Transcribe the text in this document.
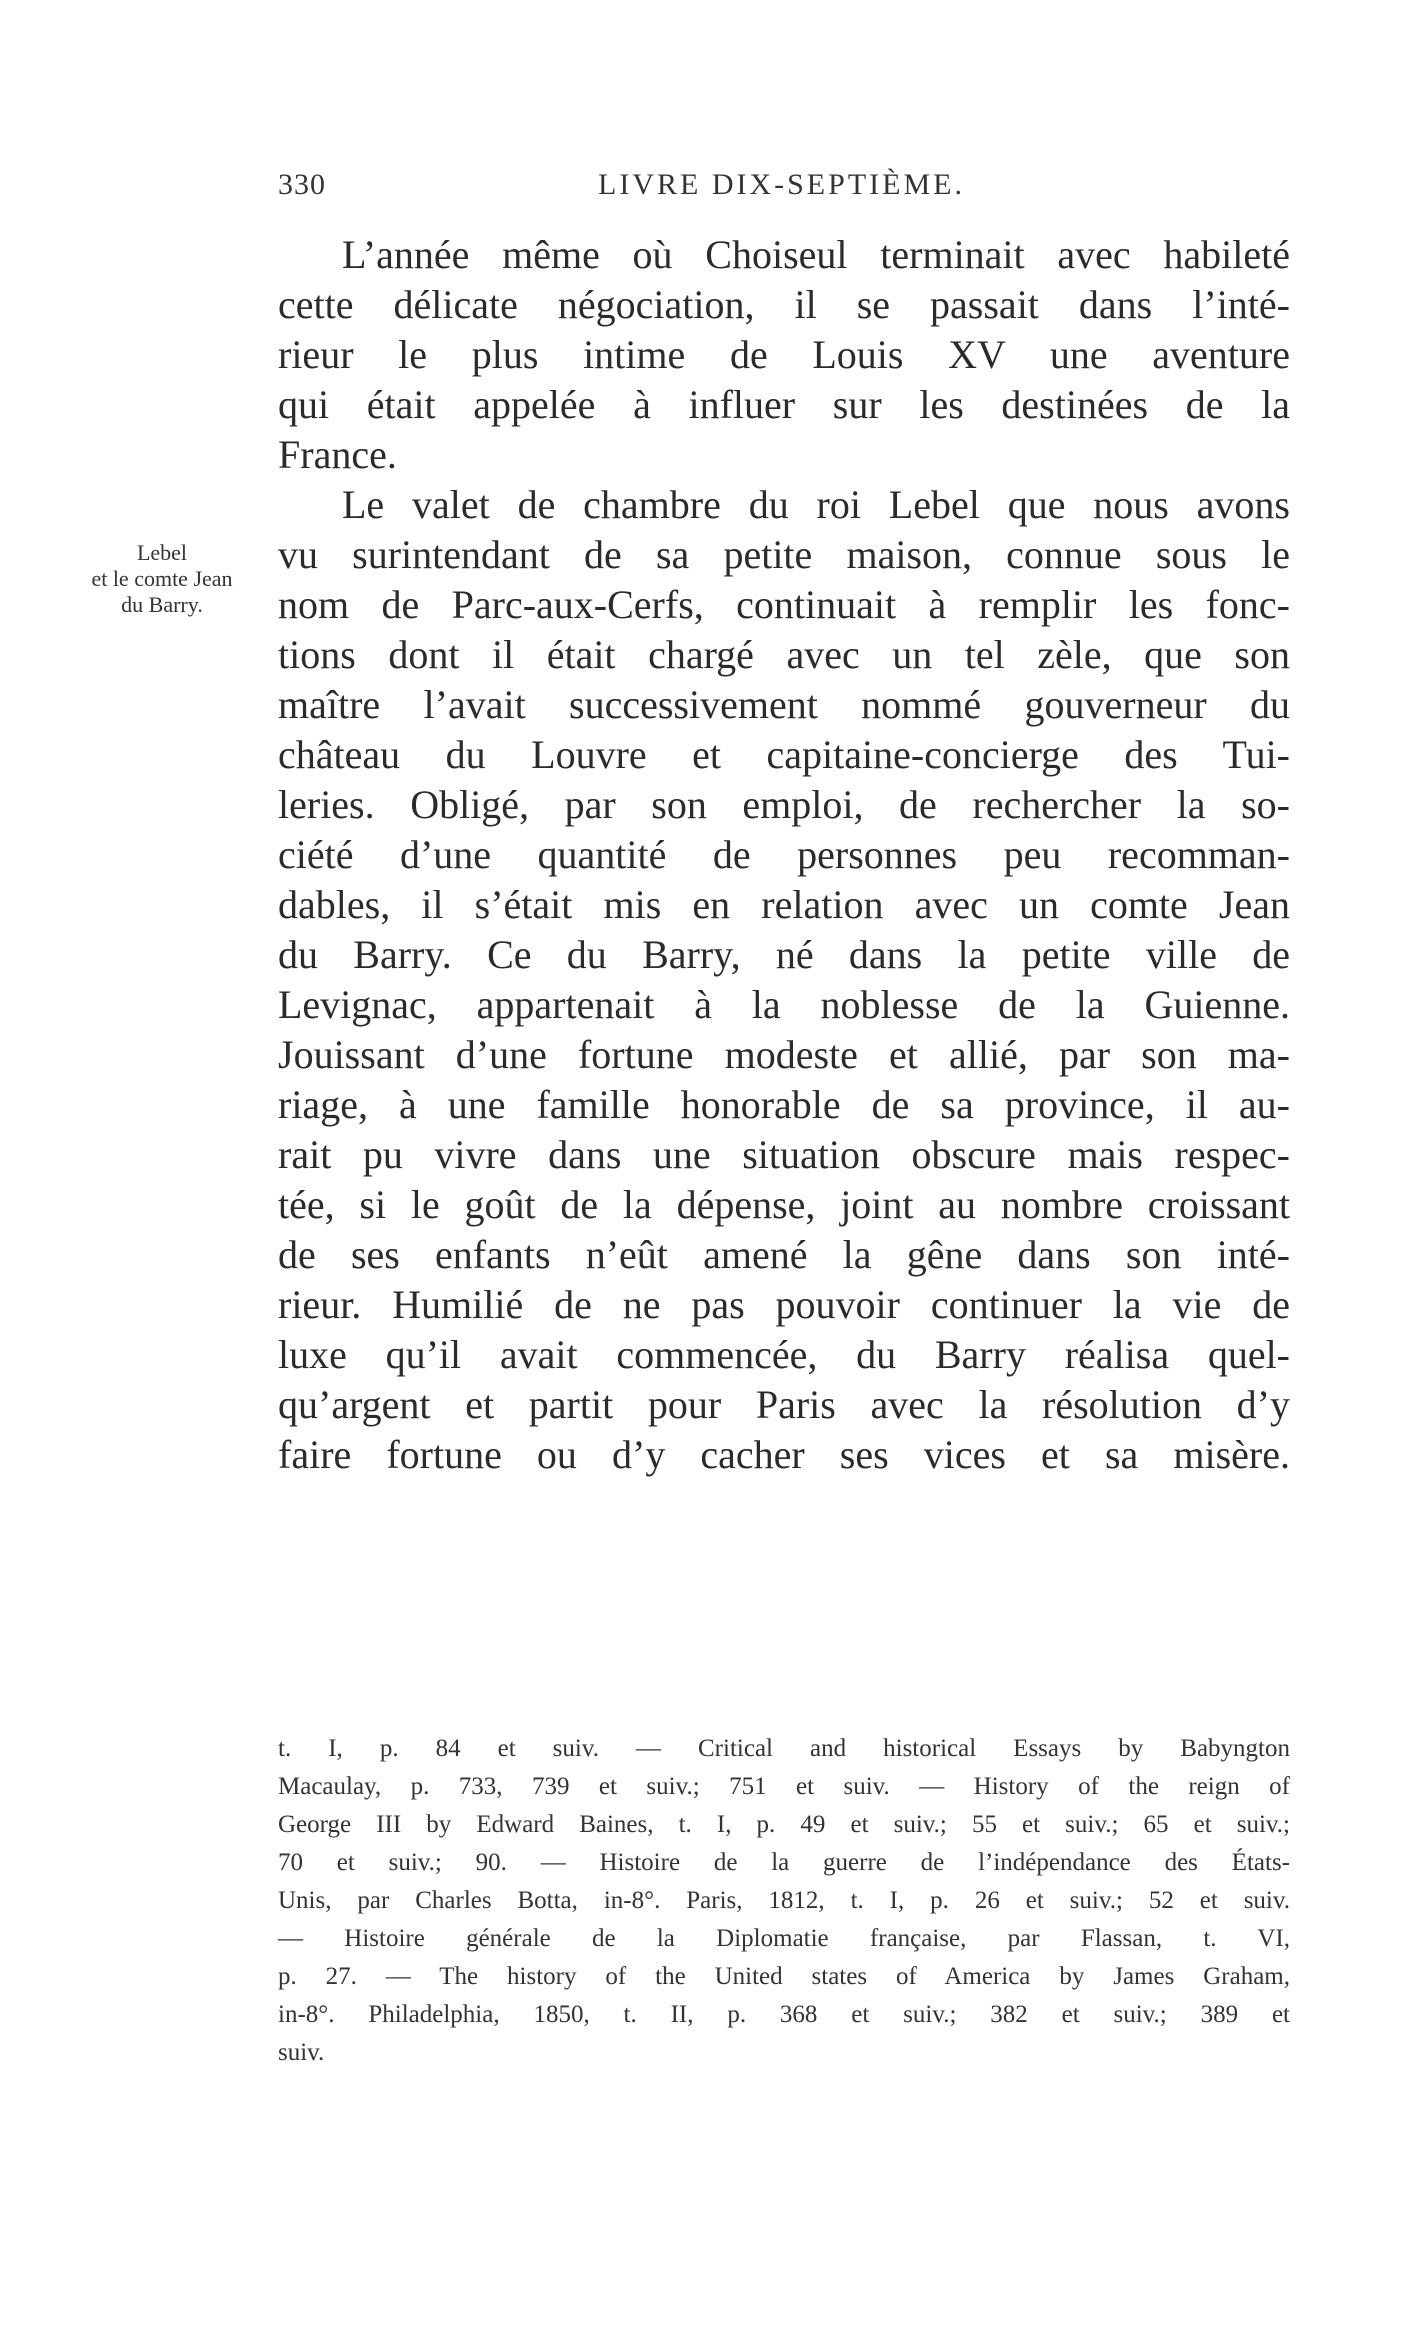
330	LIVRE DIX-SEPTIÈME.
Lebel
et le comte Jean
du Barry.
L’année même où Choiseul terminait avec habileté
cette délicate négociation, il se passait dans l’inté-
rieur le plus intime de Louis XV une aventure
qui était appelée à influer sur les destinées de la
France.
Le valet de chambre du roi Lebel que nous avons
vu surintendant de sa petite maison, connue sous le
nom de Parc-aux-Cerfs, continuait à remplir les fonc-
tions dont il était chargé avec un tel zèle, que son
maître l’avait successivement nommé gouverneur du
château du Louvre et capitaine-concierge des Tui-
leries. Obligé, par son emploi, de rechercher la so-
ciété d’une quantité de personnes peu recomman-
dables, il s’était mis en relation avec un comte Jean
du Barry. Ce du Barry, né dans la petite ville de
Levignac, appartenait à la noblesse de la Guienne.
Jouissant d’une fortune modeste et allié, par son ma-
riage, à une famille honorable de sa province, il au-
rait pu vivre dans une situation obscure mais respec-
tée, si le goût de la dépense, joint au nombre croissant
de ses enfants n’eût amené la gêne dans son inté-
rieur. Humilié de ne pas pouvoir continuer la vie de
luxe qu’il avait commencée, du Barry réalisa quel-
qu’argent et partit pour Paris avec la résolution d’y
faire fortune ou d’y cacher ses vices et sa misère.
t. I, p. 84 et suiv. — Critical and historical Essays by Babyngton
Macaulay, p. 733, 739 et suiv.; 751 et suiv. — History of the reign of
George III by Edward Baines, t. I, p. 49 et suiv.; 55 et suiv.; 65 et suiv.;
70 et suiv.; 90. — Histoire de la guerre de l’indépendance des États-
Unis, par Charles Botta, in-8°. Paris, 1812, t. I, p. 26 et suiv.; 52 et suiv.
— Histoire générale de la Diplomatie française, par Flassan, t. VI,
p. 27. — The history of the United states of America by James Graham,
in-8°. Philadelphia, 1850, t. II, p. 368 et suiv.; 382 et suiv.; 389 et
suiv.
